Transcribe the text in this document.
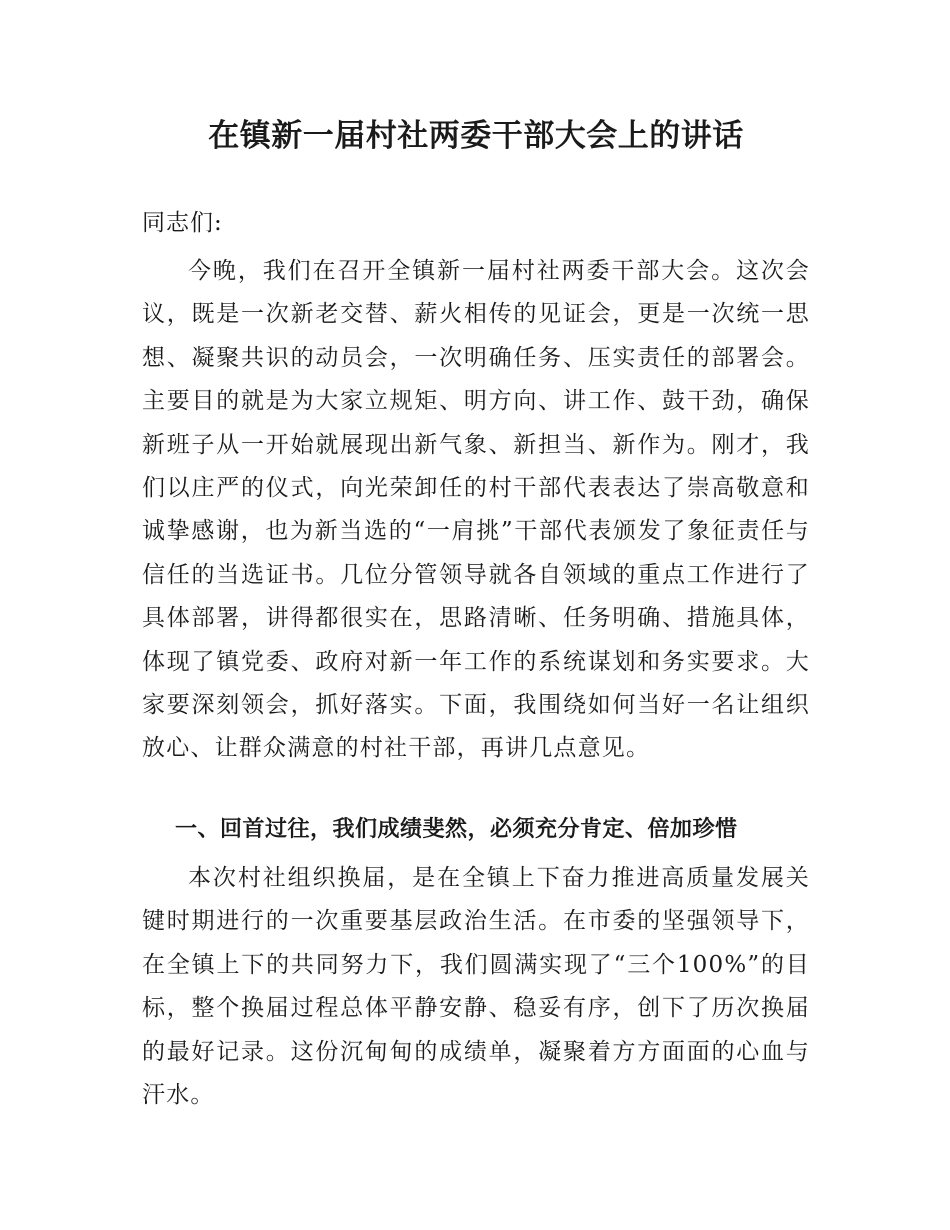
在镇新一届村社两委干部大会上的讲话

同志们:

今晚，我们在召开全镇新一届村社两委干部大会。这次会议，既是一次新老交替、薪火相传的见证会，更是一次统一思想、凝聚共识的动员会，一次明确任务、压实责任的部署会。主要目的就是为大家立规矩、明方向、讲工作、鼓干劲，确保新班子从一开始就展现出新气象、新担当、新作为。刚才，我们以庄严的仪式，向光荣卸任的村干部代表表达了崇高敬意和诚挚感谢，也为新当选的“一肩挑”干部代表颁发了象征责任与信任的当选证书。几位分管领导就各自领域的重点工作进行了具体部署，讲得都很实在，思路清晰、任务明确、措施具体，体现了镇党委、政府对新一年工作的系统谋划和务实要求。大家要深刻领会，抓好落实。下面，我围绕如何当好一名让组织放心、让群众满意的村社干部，再讲几点意见。

一、回首过往，我们成绩斐然，必须充分肯定、倍加珍惜

本次村社组织换届，是在全镇上下奋力推进高质量发展关键时期进行的一次重要基层政治生活。在市委的坚强领导下，在全镇上下的共同努力下，我们圆满实现了“三个100%”的目标，整个换届过程总体平静安静、稳妥有序，创下了历次换届的最好记录。这份沉甸甸的成绩单，凝聚着方方面面的心血与汗水。
